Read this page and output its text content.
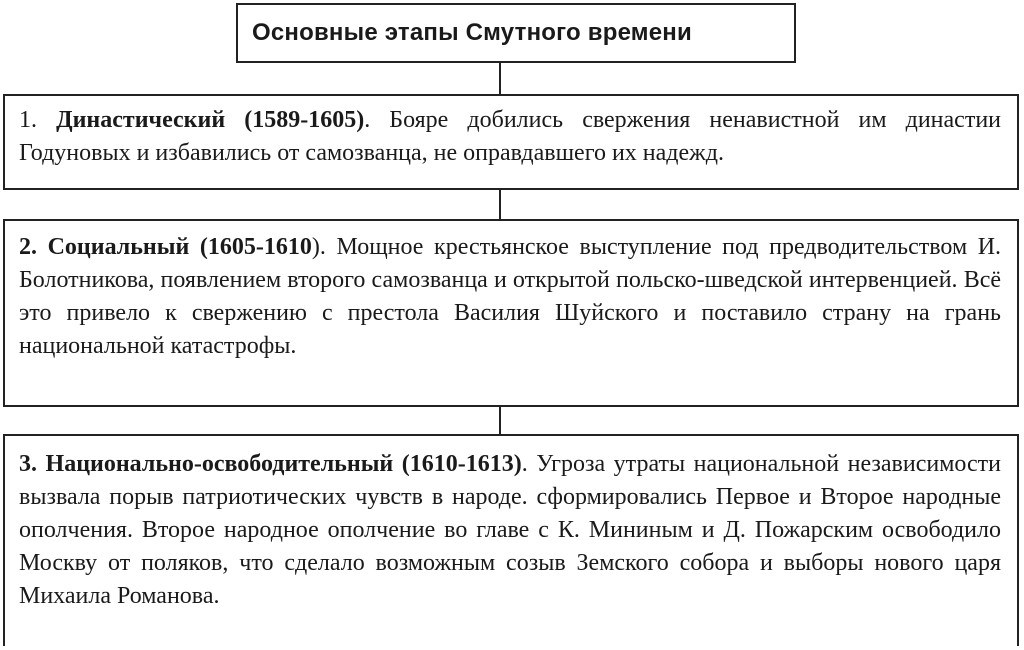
Основные этапы Смутного времени
1. Династический (1589-1605). Бояре добились свержения ненавистной им династии Годуновых и избавились от самозванца, не оправдавшего их надежд.
2. Социальный (1605-1610). Мощное крестьянское выступление под предводительством И. Болотникова, появлением второго самозванца и открытой польско-шведской интервенцией. Всё это привело к свержению с престола Василия Шуйского и поставило страну на грань национальной катастрофы.
3. Национально-освободительный (1610-1613). Угроза утраты национальной независимости вызвала порыв патриотических чувств в народе. сформировались Первое и Второе народные ополчения. Второе народное ополчение во главе с К. Мининым и Д. Пожарским освободило Москву от поляков, что сделало возможным созыв Земского собора и выборы нового царя Михаила Романова.
